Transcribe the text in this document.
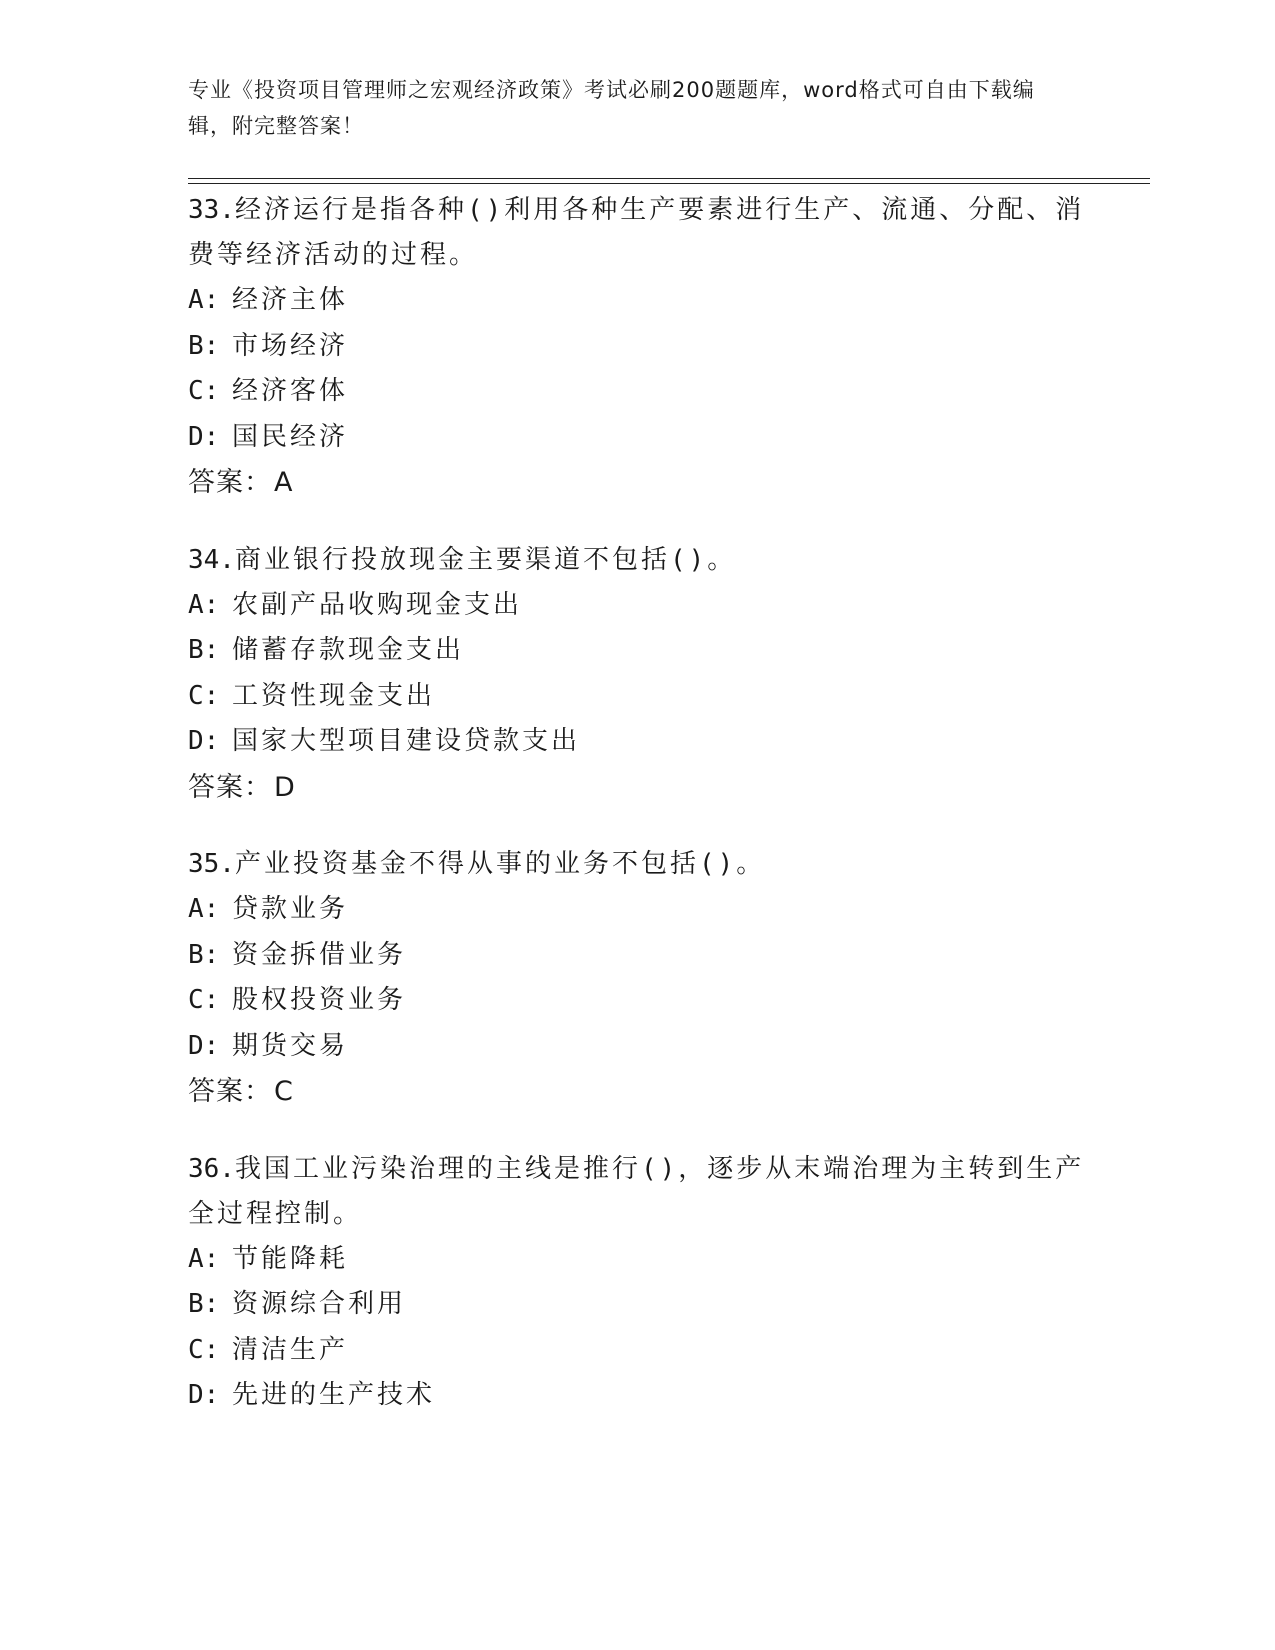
专业《投资项目管理师之宏观经济政策》考试必刷200题题库，word格式可自由下载编辑，附完整答案！

33.经济运行是指各种()利用各种生产要素进行生产、流通、分配、消费等经济活动的过程。

A: 经济主体
B: 市场经济
C: 经济客体
D: 国民经济
答案：A

34.商业银行投放现金主要渠道不包括()。

A: 农副产品收购现金支出
B: 储蓄存款现金支出
C: 工资性现金支出
D: 国家大型项目建设贷款支出
答案：D

35.产业投资基金不得从事的业务不包括()。

A: 贷款业务
B: 资金拆借业务
C: 股权投资业务
D: 期货交易
答案：C

36.我国工业污染治理的主线是推行()，逐步从末端治理为主转到生产全过程控制。

A: 节能降耗
B: 资源综合利用
C: 清洁生产
D: 先进的生产技术
